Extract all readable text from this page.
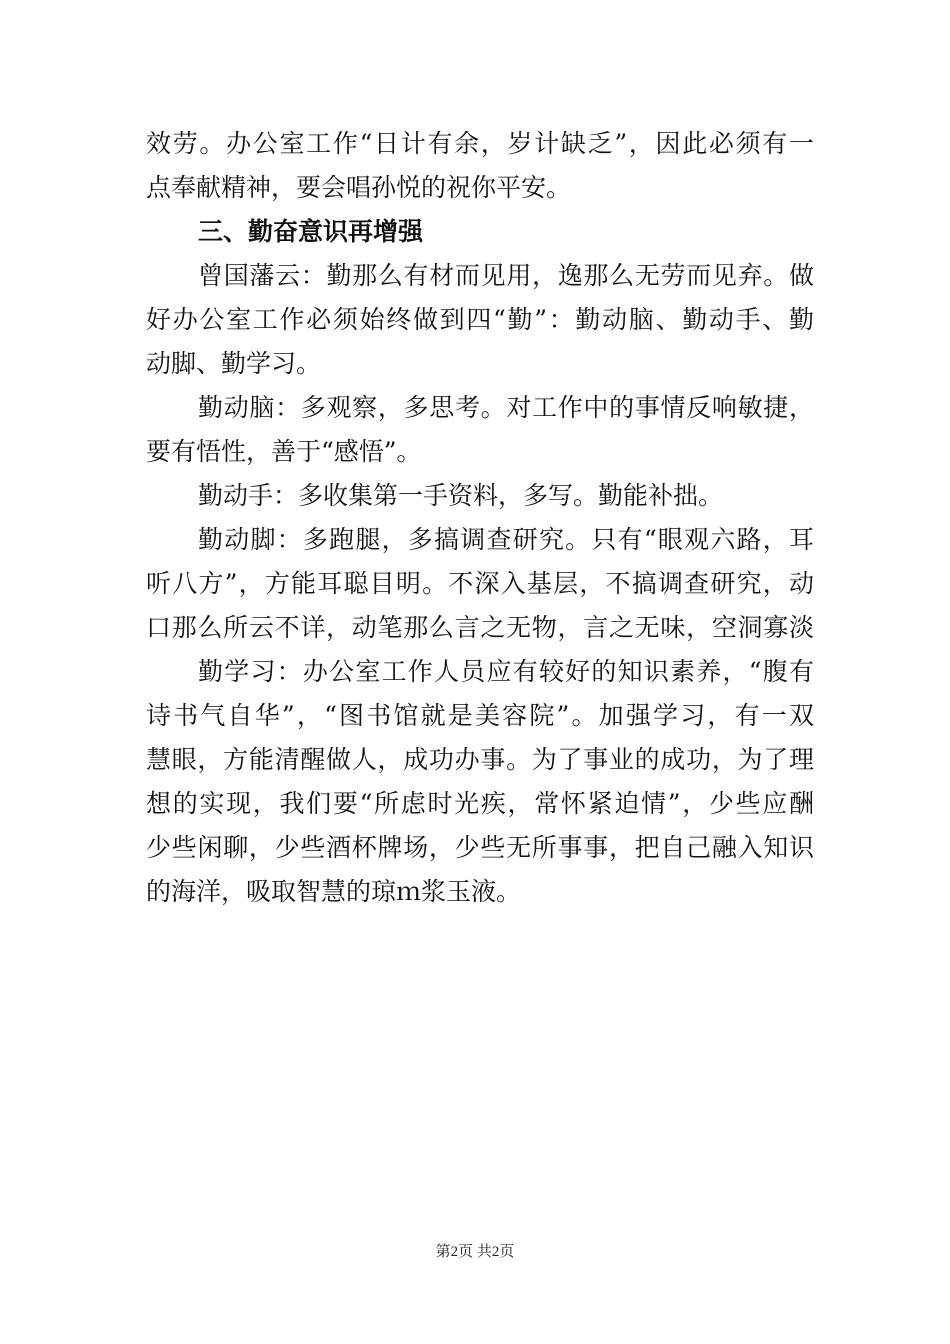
效劳。办公室工作“日计有余，岁计缺乏”，因此必须有一
点奉献精神，要会唱孙悦的祝你平安。
三、勤奋意识再增强
曾国藩云：勤那么有材而见用，逸那么无劳而见弃。做
好办公室工作必须始终做到四“勤”：勤动脑、勤动手、勤
动脚、勤学习。
勤动脑：多观察，多思考。对工作中的事情反响敏捷，
要有悟性，善于“感悟”。
勤动手：多收集第一手资料，多写。勤能补拙。
勤动脚：多跑腿，多搞调查研究。只有“眼观六路，耳
听八方”，方能耳聪目明。不深入基层，不搞调查研究，动
口那么所云不详，动笔那么言之无物，言之无味，空洞寡淡
勤学习：办公室工作人员应有较好的知识素养，“腹有
诗书气自华”，“图书馆就是美容院”。加强学习，有一双
慧眼，方能清醒做人，成功办事。为了事业的成功，为了理
想的实现，我们要“所虑时光疾，常怀紧迫情”，少些应酬
少些闲聊，少些酒杯牌场，少些无所事事，把自己融入知识
的海洋，吸取智慧的琼ｍ浆玉液。
第2页 共2页
